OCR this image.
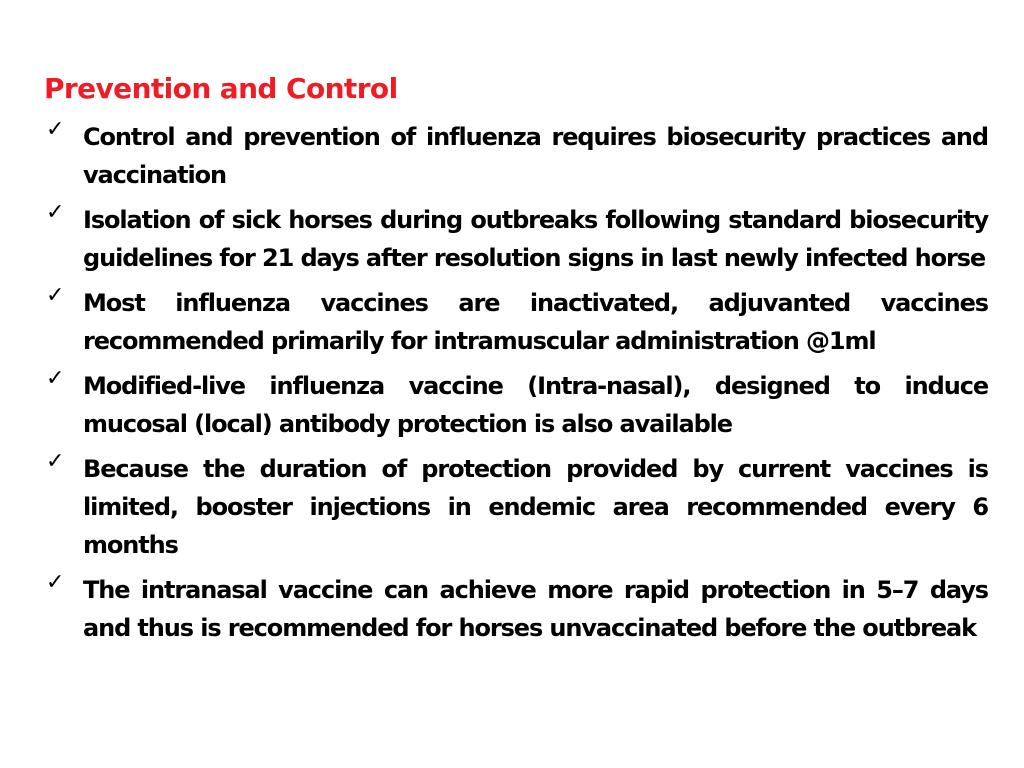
Prevention and Control
✓ Control and prevention of influenza requires biosecurity practices and vaccination
✓ Isolation of sick horses during outbreaks following standard biosecurity guidelines for 21 days after resolution signs in last newly infected horse
✓ Most influenza vaccines are inactivated, adjuvanted vaccines recommended primarily for intramuscular administration @1ml
✓ Modified-live influenza vaccine (Intra-nasal), designed to induce mucosal (local) antibody protection is also available
✓ Because the duration of protection provided by current vaccines is limited, booster injections in endemic area recommended every 6 months
✓ The intranasal vaccine can achieve more rapid protection in 5–7 days and thus is recommended for horses unvaccinated before the outbreak
